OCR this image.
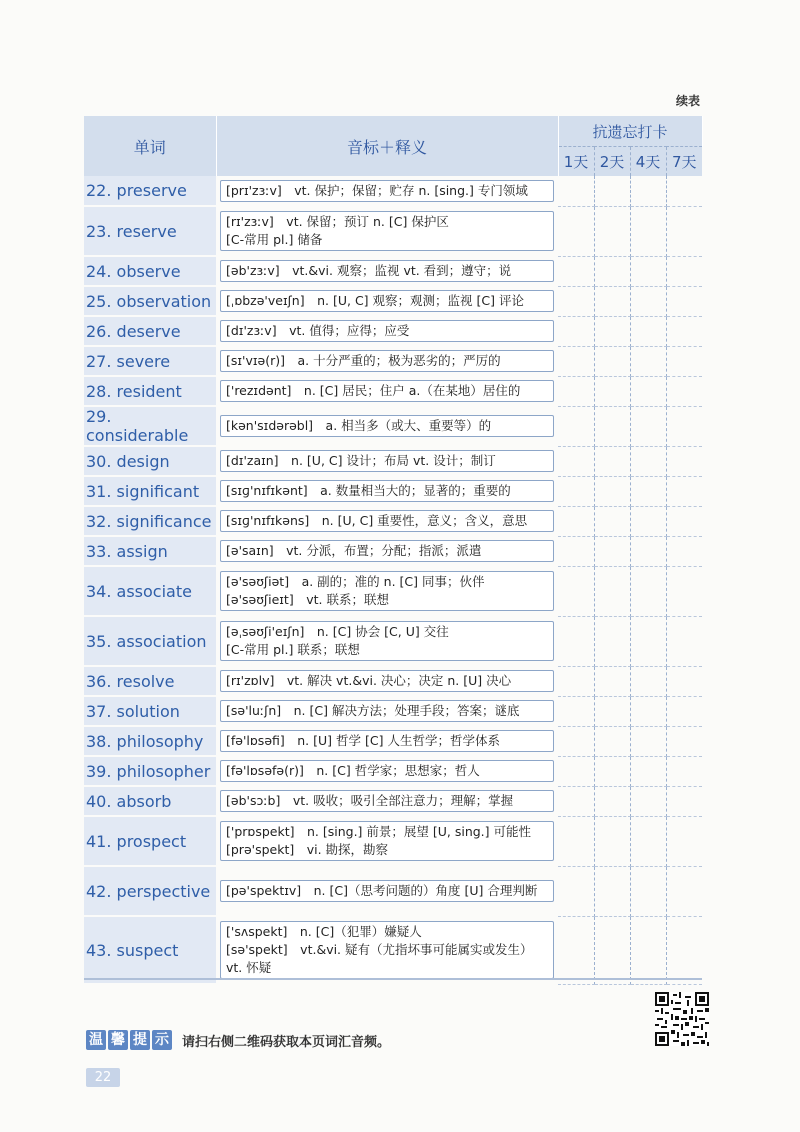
续表
单词	音标＋释义	抗遗忘打卡			
		1天	2天	4天	7天
22. preserve	[prɪ'zɜːv]　vt. 保护；保留；贮存 n. [sing.] 专门领域				

23. reserve	[rɪ'zɜːv]　vt. 保留；预订 n. [C] 保护区
[C-常用 pl.] 储备				

24. observe	[əb'zɜːv]　vt.&vi. 观察；监视 vt. 看到；遵守；说				

25. observation	[ˌɒbzə'veɪʃn]　n. [U, C] 观察；观测；监视 [C] 评论				

26. deserve	[dɪ'zɜːv]　vt. 值得；应得；应受				

27. severe	[sɪ'vɪə(r)]　a. 十分严重的；极为恶劣的；严厉的				

28. resident	['rezɪdənt]　n. [C] 居民；住户 a.（在某地）居住的				

29. considerable	[kən'sɪdərəbl]　a. 相当多（或大、重要等）的				

30. design	[dɪ'zaɪn]　n. [U, C] 设计；布局 vt. 设计；制订				

31. significant	[sɪɡ'nɪfɪkənt]　a. 数量相当大的；显著的；重要的				

32. significance	[sɪɡ'nɪfɪkəns]　n. [U, C] 重要性，意义；含义，意思				

33. assign	[ə'saɪn]　vt. 分派，布置；分配；指派；派遣				

34. associate	[ə'səʊʃiət]　a. 副的；准的 n. [C] 同事；伙伴
[ə'səʊʃieɪt]　vt. 联系；联想				

35. association	[əˌsəʊʃi'eɪʃn]　n. [C] 协会 [C, U] 交往
[C-常用 pl.] 联系；联想				

36. resolve	[rɪ'zɒlv]　vt. 解决 vt.&vi. 决心；决定 n. [U] 决心				

37. solution	[sə'luːʃn]　n. [C] 解决方法；处理手段；答案；谜底				

38. philosophy	[fə'lɒsəfi]　n. [U] 哲学 [C] 人生哲学；哲学体系				

39. philosopher	[fə'lɒsəfə(r)]　n. [C] 哲学家；思想家；哲人				

40. absorb	[əb'sɔːb]　vt. 吸收；吸引全部注意力；理解；掌握				

41. prospect	['prɒspekt]　n. [sing.] 前景；展望 [U, sing.] 可能性
[prə'spekt]　vi. 勘探，勘察				

42. perspective	[pə'spektɪv]　n. [C]（思考问题的）角度 [U] 合理判断				

43. suspect	['sʌspekt]　n. [C]（犯罪）嫌疑人
[sə'spekt]　vt.&vi. 疑有（尤指坏事可能属实或发生）
vt. 怀疑				

温 馨 提 示 请扫右侧二维码获取本页词汇音频。
22
